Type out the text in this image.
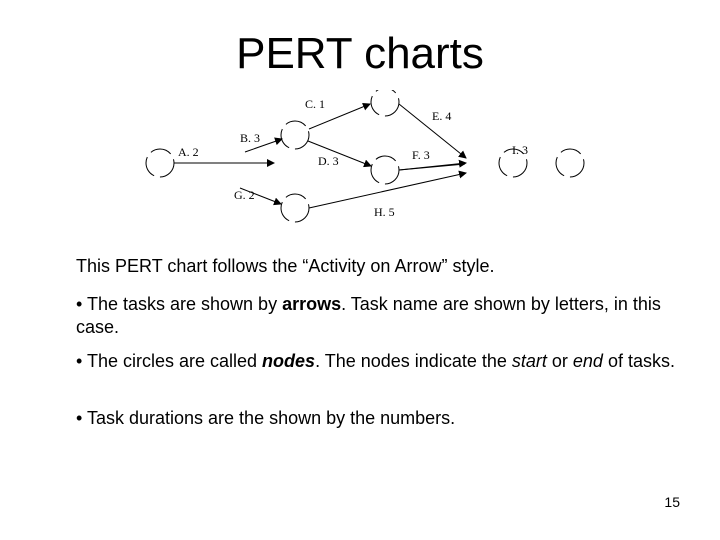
PERT charts
A. 2
B. 3
C. 1
D. 3
E. 4
F. 3
G. 2
H. 5
I. 3
This PERT chart follows the “Activity on Arrow” style.
• The tasks are shown by arrows. Task name are shown by letters, in this case.
• The circles are called nodes. The nodes indicate the start or end of tasks.
• Task durations are the shown by the numbers.
15
